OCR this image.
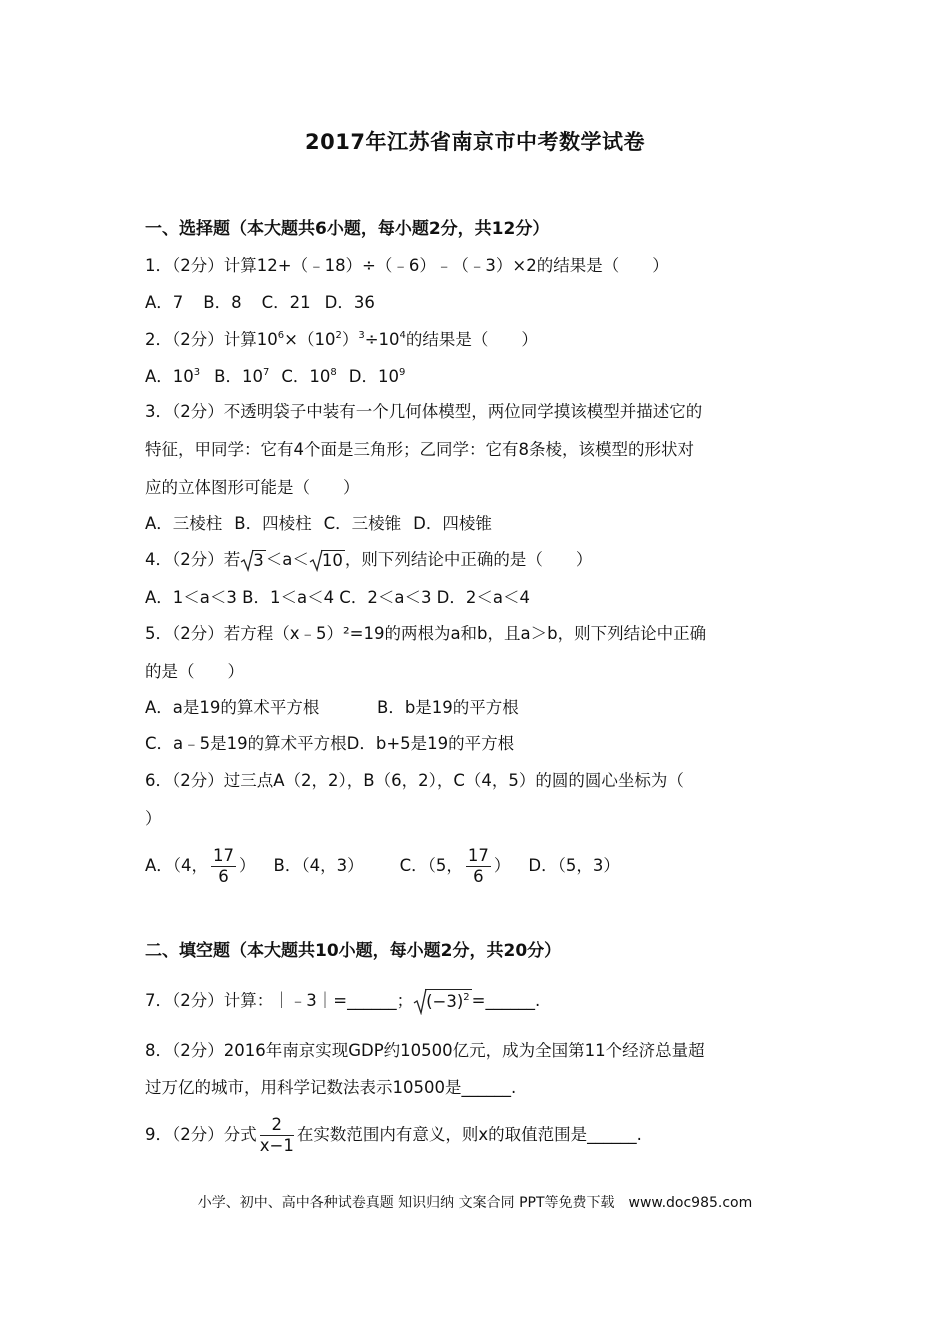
2017年江苏省南京市中考数学试卷
一、选择题（本大题共6小题，每小题2分，共12分）
1．（2分）计算12+（﹣18）÷（﹣6）﹣（﹣3）×2的结果是（　　）
A．7 B．8 C．21 D．36
2．（2分）计算$10^6\times(10^2)^3\div 10^4$的结果是（　　）
A．$10^3$ B．$10^7$ C．$10^8$ D．$10^9$
3．（2分）不透明袋子中装有一个几何体模型，两位同学摸该模型并描述它的
特征，甲同学：它有4个面是三角形；乙同学：它有8条棱，该模型的形状对
应的立体图形可能是（　　）
A．三棱柱 B．四棱柱 C．三棱锥 D．四棱锥
4．（2分）若 3 ＜a＜ 10 ，则下列结论中正确的是（　　）
A．1＜a＜3 B．1＜a＜4 C．2＜a＜3 D．2＜a＜4
5．（2分）若方程（x﹣5）²=19的两根为a和b，且a＞b，则下列结论中正确
的是（　　）
A．a是19的算术平方根	B．b是19的平方根
C．a﹣5是19的算术平方根D．b+5是19的平方根
6．（2分）过三点A（2，2），B（6，2），C（4，5）的圆的圆心坐标为（
）
A．（4， $\frac{17}{6}$ ） B．（4，3） C．（5， $\frac{17}{6}$ ） D．（5，3）
二、填空题（本大题共10小题，每小题2分，共20分）
7．（2分）计算：｜﹣3｜=______； $(-3)^2$ =______.
8．（2分）2016年南京实现GDP约10500亿元，成为全国第11个经济总量超
过万亿的城市，用科学记数法表示10500是______.
9．（2分）分式 $\frac{2}{x-1}$ 在实数范围内有意义，则x的取值范围是______.
小学、初中、高中各种试卷真题 知识归纳 文案合同 PPT等免费下载　www.doc985.com
